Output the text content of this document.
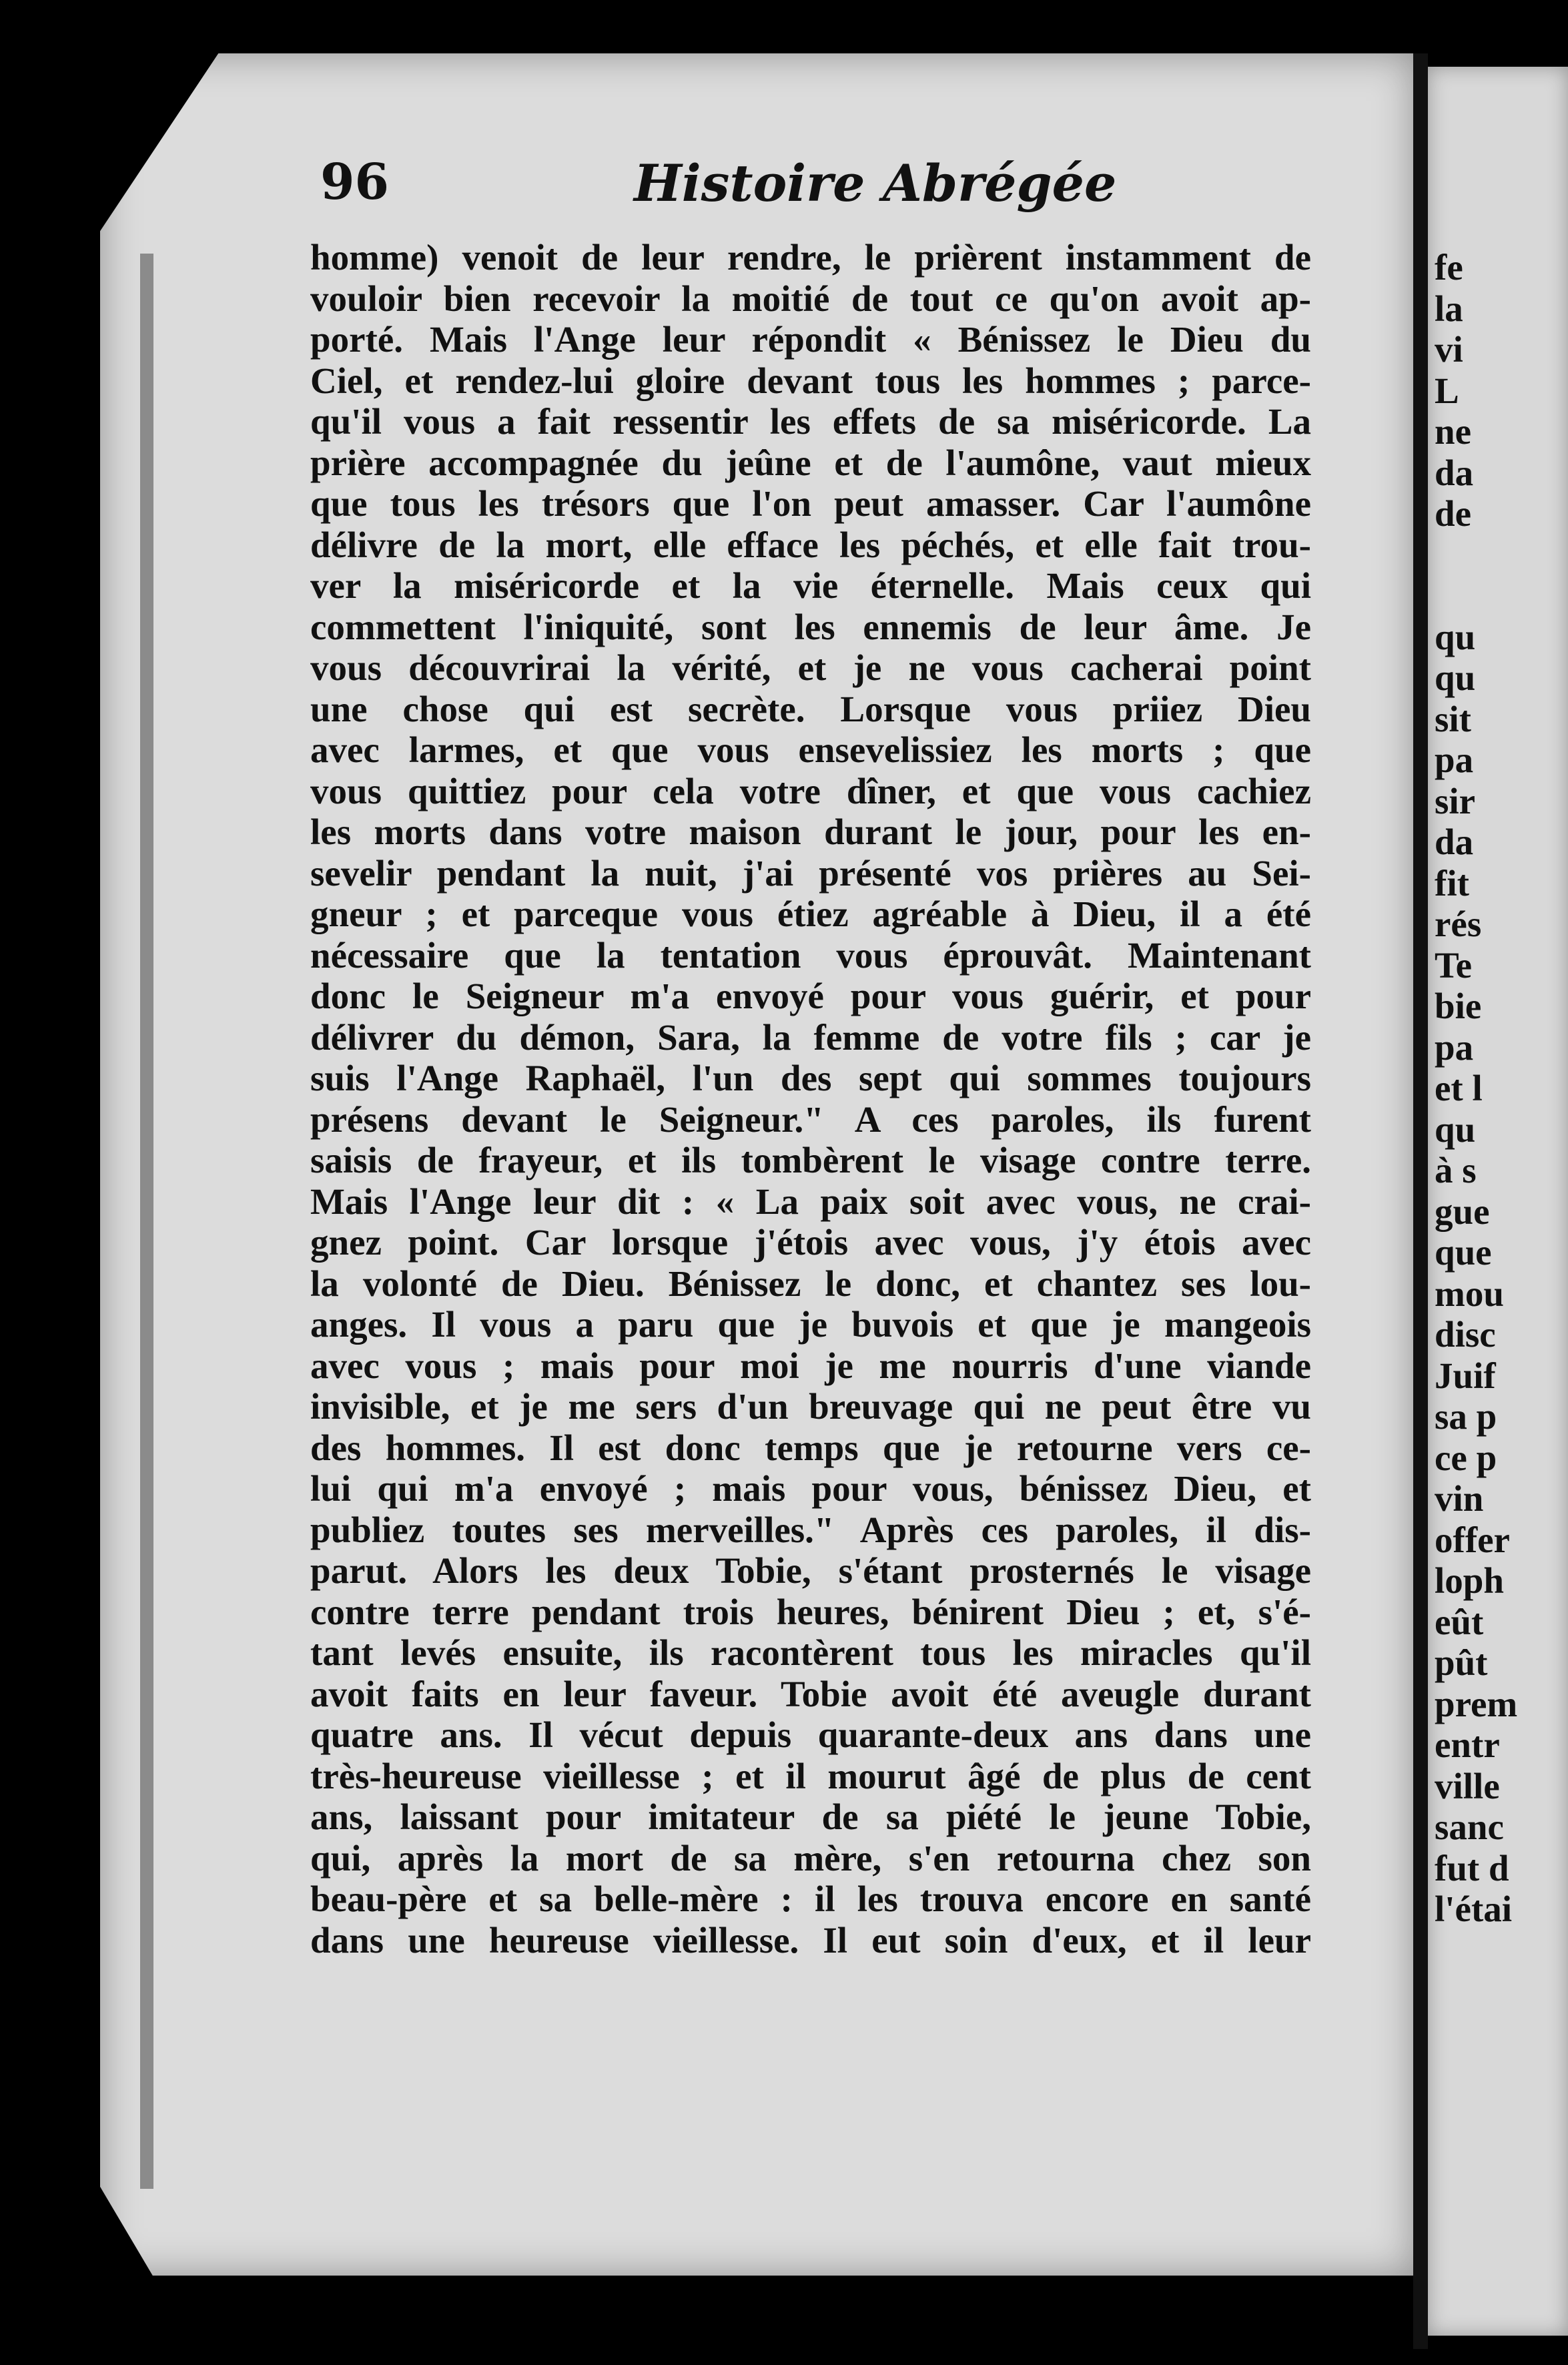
96	Histoire Abrégée
homme) venoit de leur rendre, le prièrent instamment de
vouloir bien recevoir la moitié de tout ce qu'on avoit ap-
porté. Mais l'Ange leur répondit « Bénissez le Dieu du
Ciel, et rendez-lui gloire devant tous les hommes ; parce-
qu'il vous a fait ressentir les effets de sa miséricorde. La
prière accompagnée du jeûne et de l'aumône, vaut mieux
que tous les trésors que l'on peut amasser. Car l'aumône
délivre de la mort, elle efface les péchés, et elle fait trou-
ver la miséricorde et la vie éternelle. Mais ceux qui
commettent l'iniquité, sont les ennemis de leur âme. Je
vous découvrirai la vérité, et je ne vous cacherai point
une chose qui est secrète. Lorsque vous priiez Dieu
avec larmes, et que vous ensevelissiez les morts ; que
vous quittiez pour cela votre dîner, et que vous cachiez
les morts dans votre maison durant le jour, pour les en-
sevelir pendant la nuit, j'ai présenté vos prières au Sei-
gneur ; et parceque vous étiez agréable à Dieu, il a été
nécessaire que la tentation vous éprouvât. Maintenant
donc le Seigneur m'a envoyé pour vous guérir, et pour
délivrer du démon, Sara, la femme de votre fils ; car je
suis l'Ange Raphaël, l'un des sept qui sommes toujours
présens devant le Seigneur." A ces paroles, ils furent
saisis de frayeur, et ils tombèrent le visage contre terre.
Mais l'Ange leur dit : « La paix soit avec vous, ne crai-
gnez point. Car lorsque j'étois avec vous, j'y étois avec
la volonté de Dieu. Bénissez le donc, et chantez ses lou-
anges. Il vous a paru que je buvois et que je mangeois
avec vous ; mais pour moi je me nourris d'une viande
invisible, et je me sers d'un breuvage qui ne peut être vu
des hommes. Il est donc temps que je retourne vers ce-
lui qui m'a envoyé ; mais pour vous, bénissez Dieu, et
publiez toutes ses merveilles." Après ces paroles, il dis-
parut. Alors les deux Tobie, s'étant prosternés le visage
contre terre pendant trois heures, bénirent Dieu ; et, s'é-
tant levés ensuite, ils racontèrent tous les miracles qu'il
avoit faits en leur faveur. Tobie avoit été aveugle durant
quatre ans. Il vécut depuis quarante-deux ans dans une
très-heureuse vieillesse ; et il mourut âgé de plus de cent
ans, laissant pour imitateur de sa piété le jeune Tobie,
qui, après la mort de sa mère, s'en retourna chez son
beau-père et sa belle-mère : il les trouva encore en santé
dans une heureuse vieillesse. Il eut soin d'eux, et il leur
fe
la
vi
L
ne
da
de
qu
qu
sit
pa
sir
da
fit
rés
Te
bie
pa
et l
qu
à s
gue
que
mou
disc
Juif
sa p
ce p
vin
offer
loph
eût
pût
prem
entr
ville
sanc
fut d
l'étai
